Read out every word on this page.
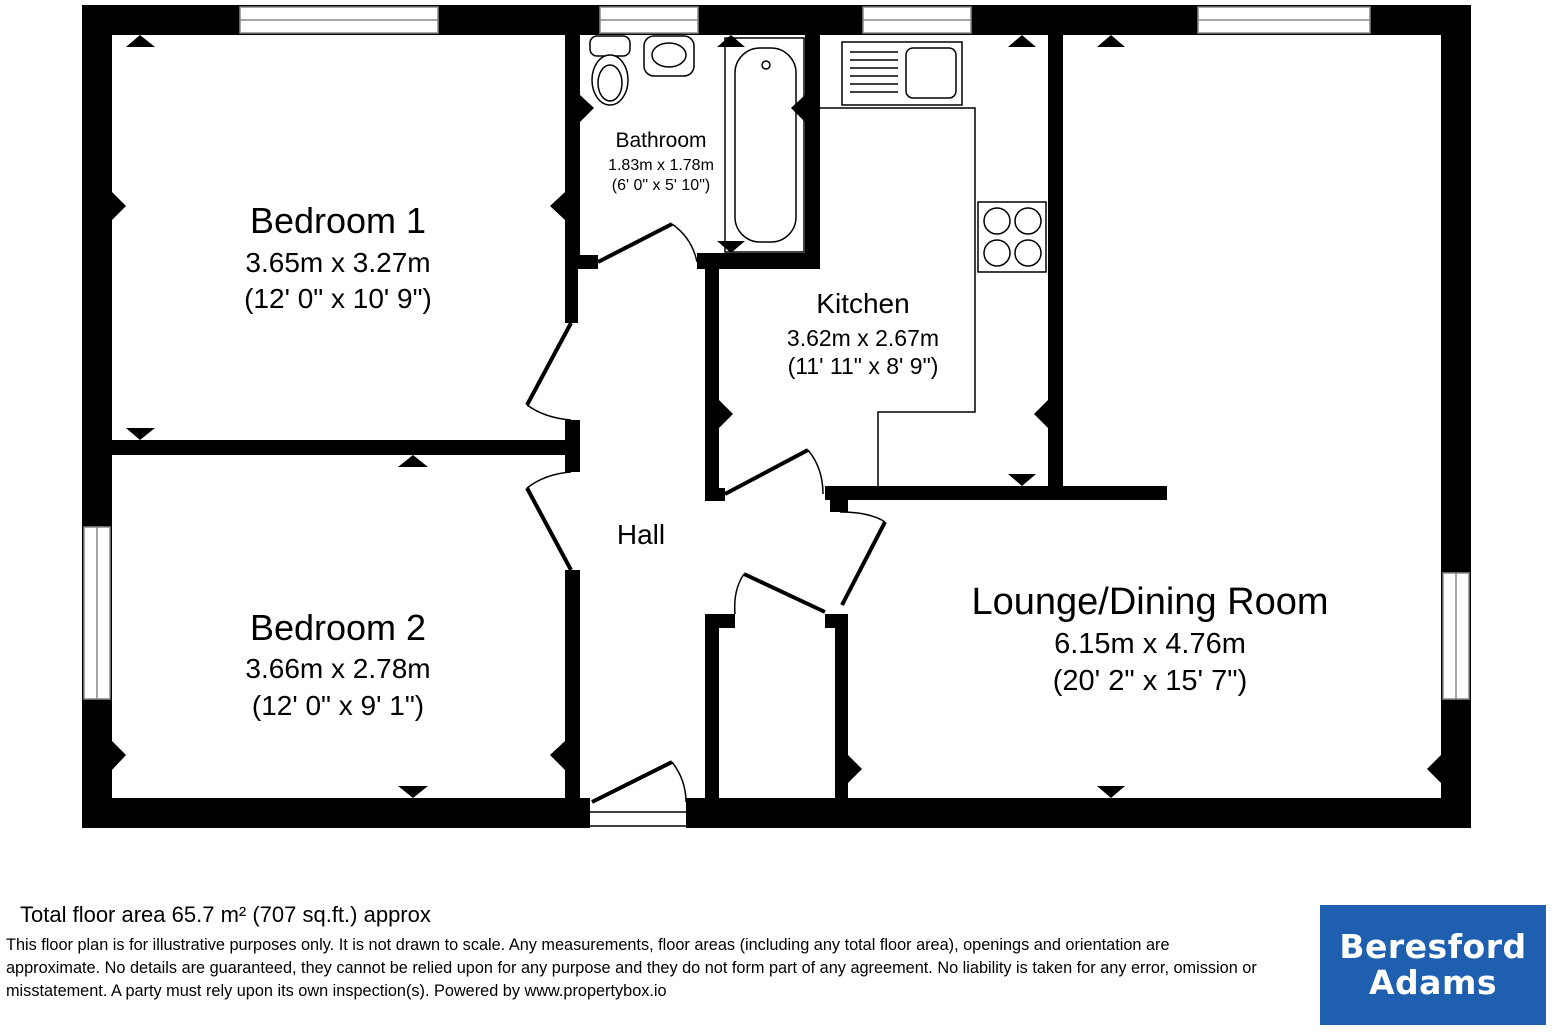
Bedroom 1
3.65m x 3.27m
(12' 0" x 10' 9")
Bedroom 2
3.66m x 2.78m
(12' 0" x 9' 1")
Bathroom
1.83m x 1.78m
(6' 0" x 5' 10")
Kitchen
3.62m x 2.67m
(11' 11" x 8' 9")
Hall
Lounge/Dining Room
6.15m x 4.76m
(20' 2" x 15' 7")
Total floor area 65.7 m² (707 sq.ft.) approx
This floor plan is for illustrative purposes only. It is not drawn to scale. Any measurements, floor areas (including any total floor area), openings and orientation are approximate. No details are guaranteed, they cannot be relied upon for any purpose and they do not form part of any agreement. No liability is taken for any error, omission or misstatement. A party must rely upon its own inspection(s). Powered by www.propertybox.io
Beresford
Adams
